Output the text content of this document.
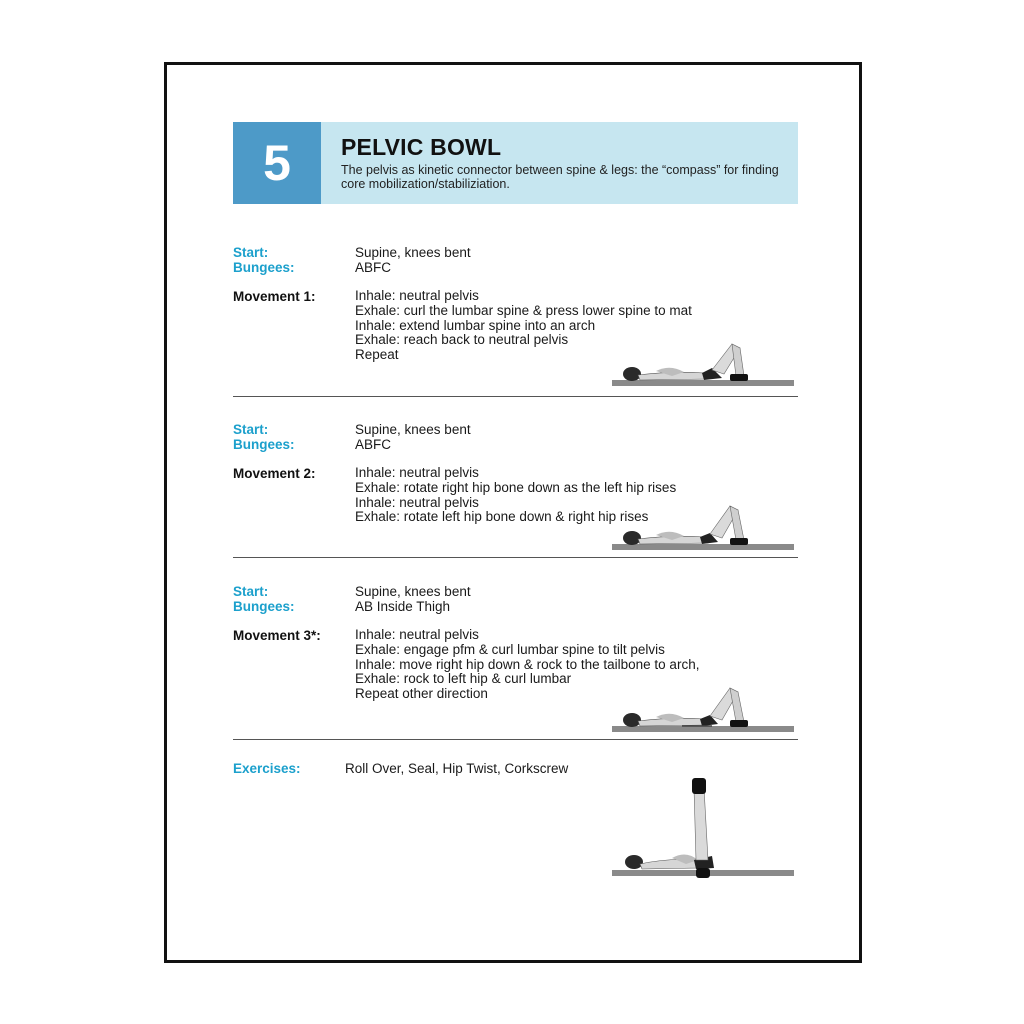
5	PELVIC BOWL
The pelvis as kinetic connector between spine & legs: the “compass” for finding core mobilization/stabiliziation.
Start:	Supine, knees bent
Bungees:	ABFC
Movement 1:	Inhale: neutral pelvis
Exhale: curl the lumbar spine & press lower spine to mat
Inhale: extend lumbar spine into an arch
Exhale: reach back to neutral pelvis
Repeat
Start:	Supine, knees bent
Bungees:	ABFC
Movement 2:	Inhale: neutral pelvis
Exhale: rotate right hip bone down as the left hip rises
Inhale: neutral pelvis
Exhale: rotate left hip bone down & right hip rises
Start:	Supine, knees bent
Bungees:	AB Inside Thigh
Movement 3*:	Inhale: neutral pelvis
Exhale: engage pfm & curl lumbar spine to tilt pelvis
Inhale: move right hip down & rock to the tailbone to arch,
Exhale: rock to left hip & curl lumbar
Repeat other direction
Exercises:	Roll Over, Seal, Hip Twist, Corkscrew
